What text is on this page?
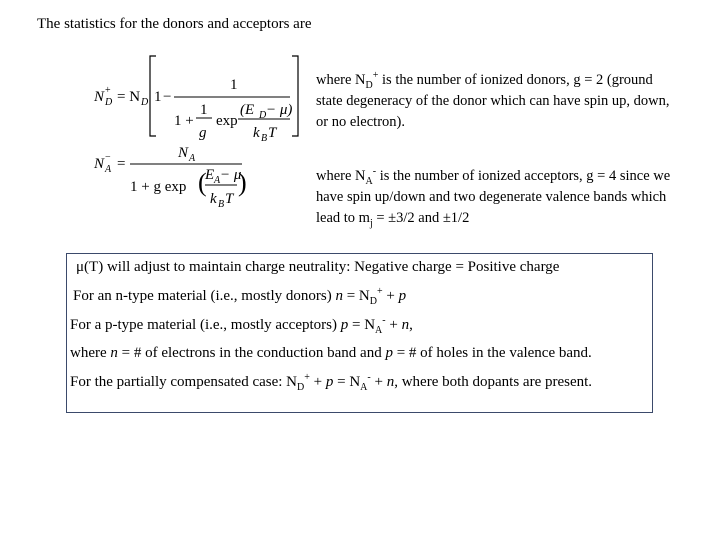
The statistics for the donors and acceptors are
N +
D = N D 1 −
1
1 +
1
g
exp
(E D − μ)
k B T
N −
A =
N A
1 + g exp (
E A − μ
k B T
)
where $N_D^+$ is the number of ionized donors, g = 2 (ground state degeneracy of the donor which can have spin up, down, or no electron).
where $N_A^-$ is the number of ionized acceptors, g = 4 since we have spin up/down and two degenerate valence bands which lead to $m_j = \pm 3/2$ and ±1/2
μ(T) will adjust to maintain charge neutrality: Negative charge = Positive charge
For an n-type material (i.e., mostly donors) $n = N_D^+ + p$
For a p-type material (i.e., mostly acceptors) $p = N_A^- + n$,
where n = # of electrons in the conduction band and p = # of holes in the valence band.
For the partially compensated case: $N_D^+ + p = N_A^- + n$, where both dopants are present.
